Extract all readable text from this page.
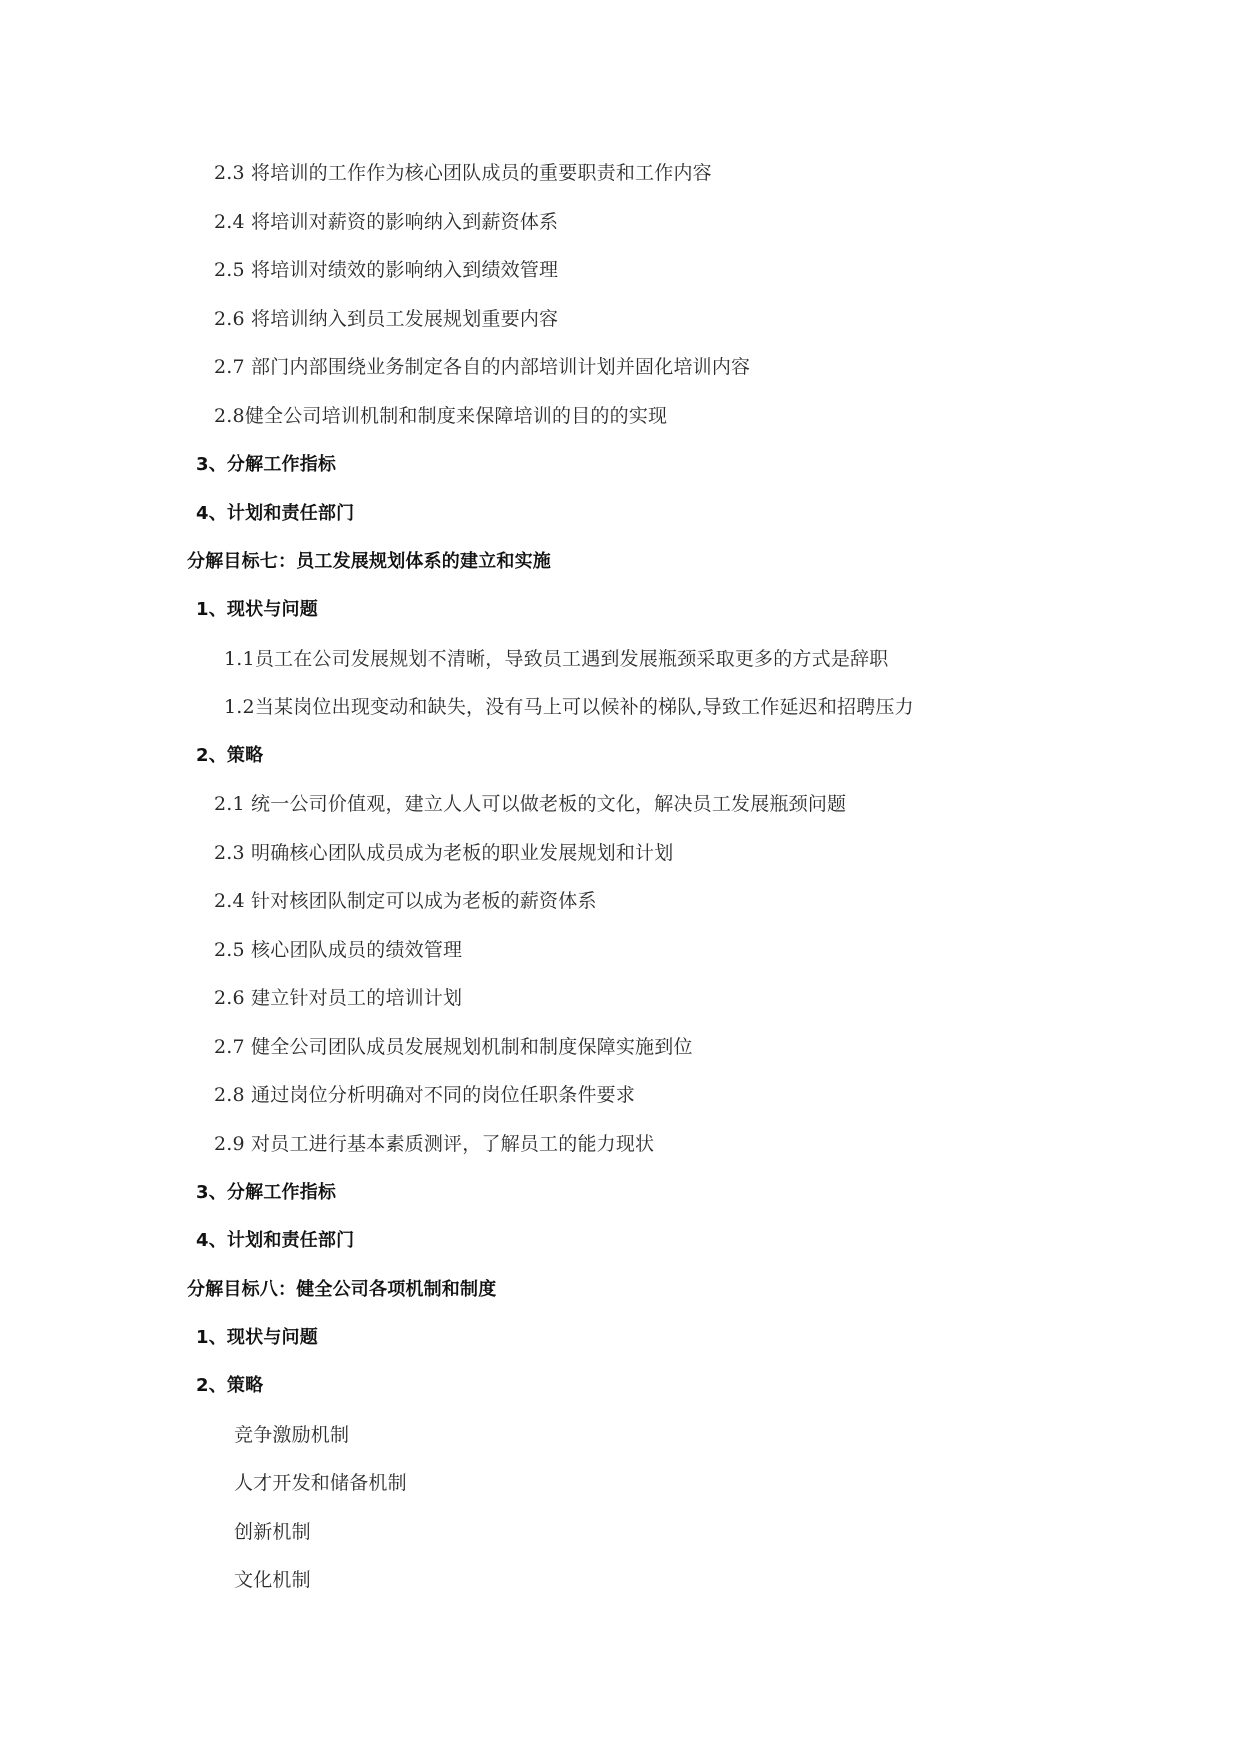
2.3 将培训的工作作为核心团队成员的重要职责和工作内容
2.4 将培训对薪资的影响纳入到薪资体系
2.5 将培训对绩效的影响纳入到绩效管理
2.6 将培训纳入到员工发展规划重要内容
2.7 部门内部围绕业务制定各自的内部培训计划并固化培训内容
2.8健全公司培训机制和制度来保障培训的目的的实现
3、分解工作指标
4、计划和责任部门
分解目标七：员工发展规划体系的建立和实施
1、现状与问题
1.1员工在公司发展规划不清晰，导致员工遇到发展瓶颈采取更多的方式是辞职
1.2当某岗位出现变动和缺失，没有马上可以候补的梯队,导致工作延迟和招聘压力
2、策略
2.1 统一公司价值观，建立人人可以做老板的文化，解决员工发展瓶颈问题
2.3 明确核心团队成员成为老板的职业发展规划和计划
2.4 针对核团队制定可以成为老板的薪资体系
2.5 核心团队成员的绩效管理
2.6 建立针对员工的培训计划
2.7 健全公司团队成员发展规划机制和制度保障实施到位
2.8 通过岗位分析明确对不同的岗位任职条件要求
2.9 对员工进行基本素质测评，了解员工的能力现状
3、分解工作指标
4、计划和责任部门
分解目标八：健全公司各项机制和制度
1、现状与问题
2、策略
竞争激励机制
人才开发和储备机制
创新机制
文化机制
